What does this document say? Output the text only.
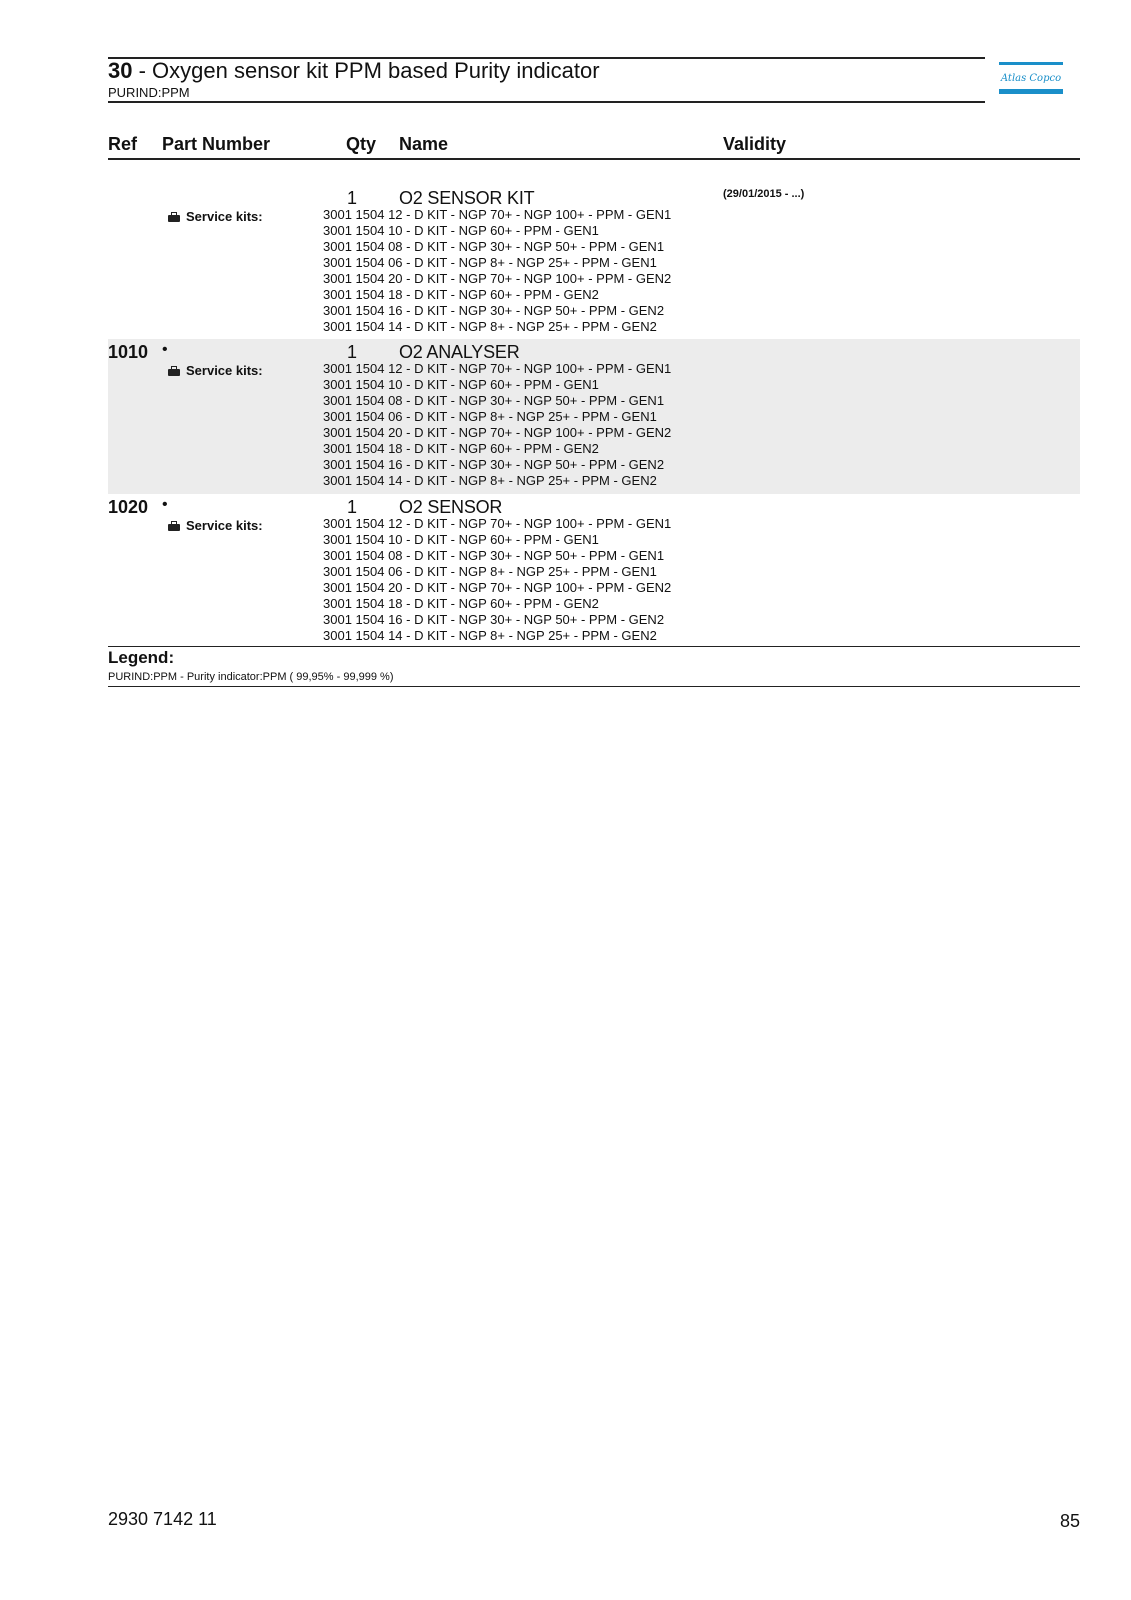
30 - Oxygen sensor kit PPM based Purity indicator
PURIND:PPM
Atlas Copco
Ref Part Number	Qty Name	Validity
1 O2 SENSOR KIT	(29/01/2015 - ...)
Service kits:	3001 1504 12 - D KIT - NGP 70+ - NGP 100+ - PPM - GEN1
3001 1504 10 - D KIT - NGP 60+ - PPM - GEN1
3001 1504 08 - D KIT - NGP 30+ - NGP 50+ - PPM - GEN1
3001 1504 06 - D KIT - NGP 8+ - NGP 25+ - PPM - GEN1
3001 1504 20 - D KIT - NGP 70+ - NGP 100+ - PPM - GEN2
3001 1504 18 - D KIT - NGP 60+ - PPM - GEN2
3001 1504 16 - D KIT - NGP 30+ - NGP 50+ - PPM - GEN2
3001 1504 14 - D KIT - NGP 8+ - NGP 25+ - PPM - GEN2
1010 •	1 O2 ANALYSER
Service kits:	3001 1504 12 - D KIT - NGP 70+ - NGP 100+ - PPM - GEN1
3001 1504 10 - D KIT - NGP 60+ - PPM - GEN1
3001 1504 08 - D KIT - NGP 30+ - NGP 50+ - PPM - GEN1
3001 1504 06 - D KIT - NGP 8+ - NGP 25+ - PPM - GEN1
3001 1504 20 - D KIT - NGP 70+ - NGP 100+ - PPM - GEN2
3001 1504 18 - D KIT - NGP 60+ - PPM - GEN2
3001 1504 16 - D KIT - NGP 30+ - NGP 50+ - PPM - GEN2
3001 1504 14 - D KIT - NGP 8+ - NGP 25+ - PPM - GEN2
1020 •	1 O2 SENSOR
Service kits:	3001 1504 12 - D KIT - NGP 70+ - NGP 100+ - PPM - GEN1
3001 1504 10 - D KIT - NGP 60+ - PPM - GEN1
3001 1504 08 - D KIT - NGP 30+ - NGP 50+ - PPM - GEN1
3001 1504 06 - D KIT - NGP 8+ - NGP 25+ - PPM - GEN1
3001 1504 20 - D KIT - NGP 70+ - NGP 100+ - PPM - GEN2
3001 1504 18 - D KIT - NGP 60+ - PPM - GEN2
3001 1504 16 - D KIT - NGP 30+ - NGP 50+ - PPM - GEN2
3001 1504 14 - D KIT - NGP 8+ - NGP 25+ - PPM - GEN2
Legend:
PURIND:PPM - Purity indicator:PPM ( 99,95% - 99,999 %)
2930 7142 11	85
